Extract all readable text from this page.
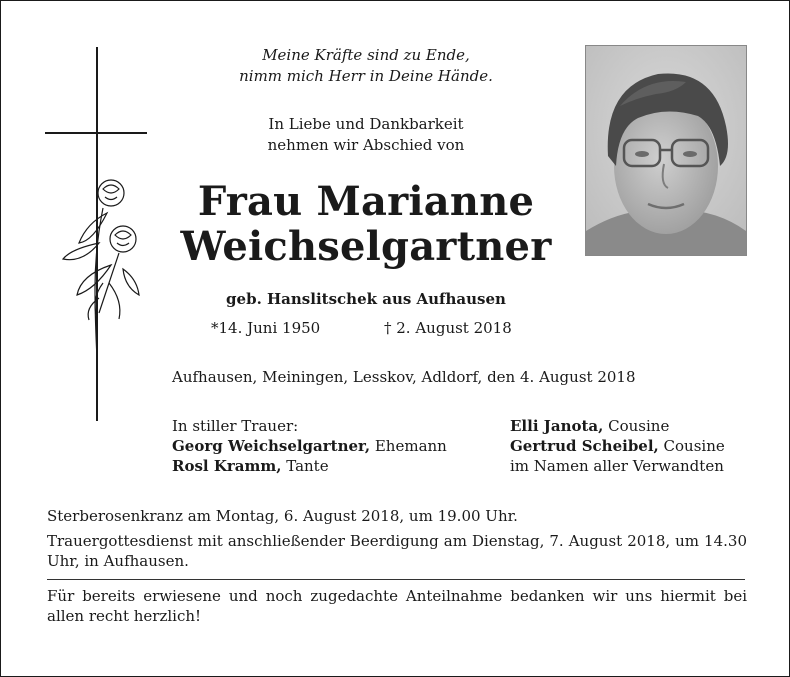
Meine Kräfte sind zu Ende,
nimm mich Herr in Deine Hände.
In Liebe und Dankbarkeit
nehmen wir Abschied von
Frau Marianne
Weichselgartner
geb. Hanslitschek aus Aufhausen
*14. Juni 1950	† 2. August 2018
Aufhausen, Meiningen, Lesskov, Adldorf, den 4. August 2018
In stiller Trauer:
Georg Weichselgartner, Ehemann
Rosl Kramm, Tante
Elli Janota, Cousine
Gertrud Scheibel, Cousine
im Namen aller Verwandten

Sterberosenkranz am Montag, 6. August 2018, um 19.00 Uhr.

Trauergottesdienst mit anschließender Beerdigung am Dienstag, 7. August 2018, um 14.30 Uhr, in Aufhausen.

Für bereits erwiesene und noch zugedachte Anteilnahme bedanken wir uns hiermit bei allen recht herzlich!
